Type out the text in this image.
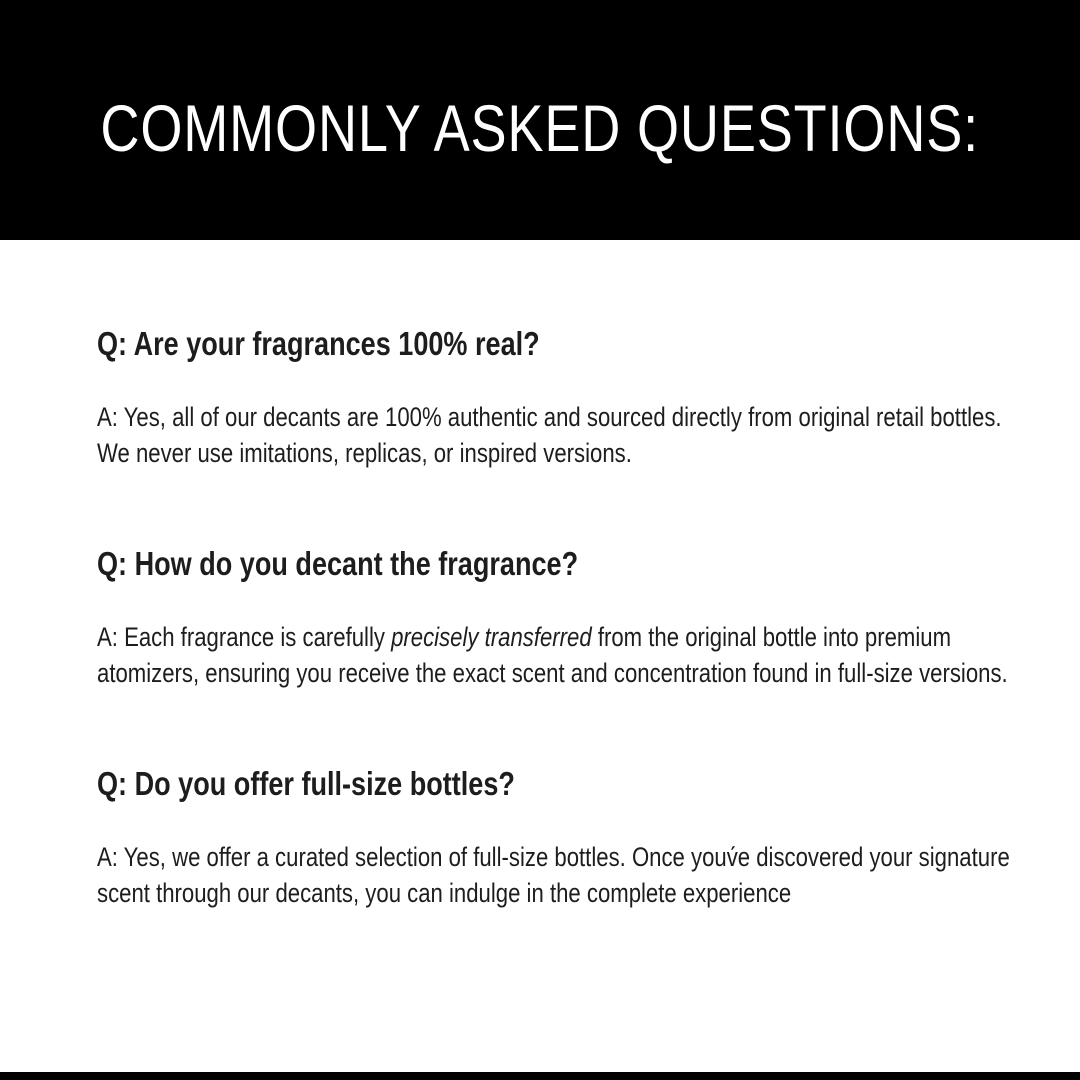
COMMONLY ASKED QUESTIONS:
Q: Are your fragrances 100% real?

A: Yes, all of our decants are 100% authentic and sourced directly from original retail bottles. We never use imitations, replicas, or inspired versions.

Q: How do you decant the fragrance?

A: Each fragrance is carefully precisely transferred from the original bottle into premium atomizers, ensuring you receive the exact scent and concentration found in full-size versions.

Q: Do you offer full-size bottles?

A: Yes, we offer a curated selection of full-size bottles. Once youv́e discovered your signature scent through our decants, you can indulge in the complete experience
